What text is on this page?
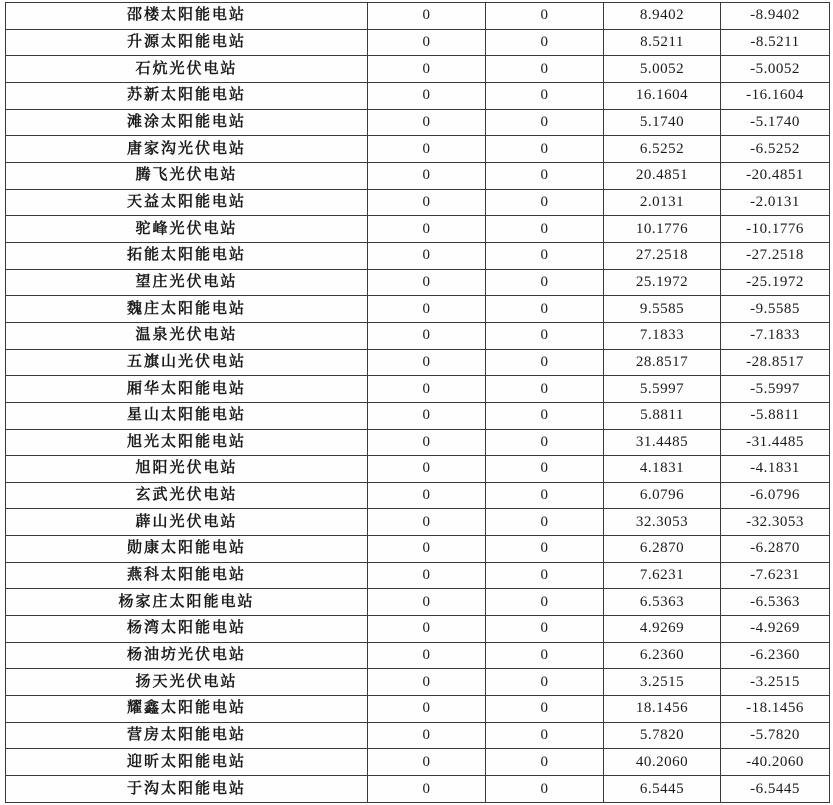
邵楼太阳能电站	0	0	8.9402	-8.9402
升源太阳能电站	0	0	8.5211	-8.5211
石炕光伏电站	0	0	5.0052	-5.0052
苏新太阳能电站	0	0	16.1604	-16.1604
滩涂太阳能电站	0	0	5.1740	-5.1740
唐家沟光伏电站	0	0	6.5252	-6.5252
腾飞光伏电站	0	0	20.4851	-20.4851
天益太阳能电站	0	0	2.0131	-2.0131
驼峰光伏电站	0	0	10.1776	-10.1776
拓能太阳能电站	0	0	27.2518	-27.2518
望庄光伏电站	0	0	25.1972	-25.1972
魏庄太阳能电站	0	0	9.5585	-9.5585
温泉光伏电站	0	0	7.1833	-7.1833
五旗山光伏电站	0	0	28.8517	-28.8517
厢华太阳能电站	0	0	5.5997	-5.5997
星山太阳能电站	0	0	5.8811	-5.8811
旭光太阳能电站	0	0	31.4485	-31.4485
旭阳光伏电站	0	0	4.1831	-4.1831
玄武光伏电站	0	0	6.0796	-6.0796
薜山光伏电站	0	0	32.3053	-32.3053
勋康太阳能电站	0	0	6.2870	-6.2870
燕科太阳能电站	0	0	7.6231	-7.6231
杨家庄太阳能电站	0	0	6.5363	-6.5363
杨湾太阳能电站	0	0	4.9269	-4.9269
杨油坊光伏电站	0	0	6.2360	-6.2360
扬天光伏电站	0	0	3.2515	-3.2515
耀鑫太阳能电站	0	0	18.1456	-18.1456
营房太阳能电站	0	0	5.7820	-5.7820
迎昕太阳能电站	0	0	40.2060	-40.2060
于沟太阳能电站	0	0	6.5445	-6.5445
